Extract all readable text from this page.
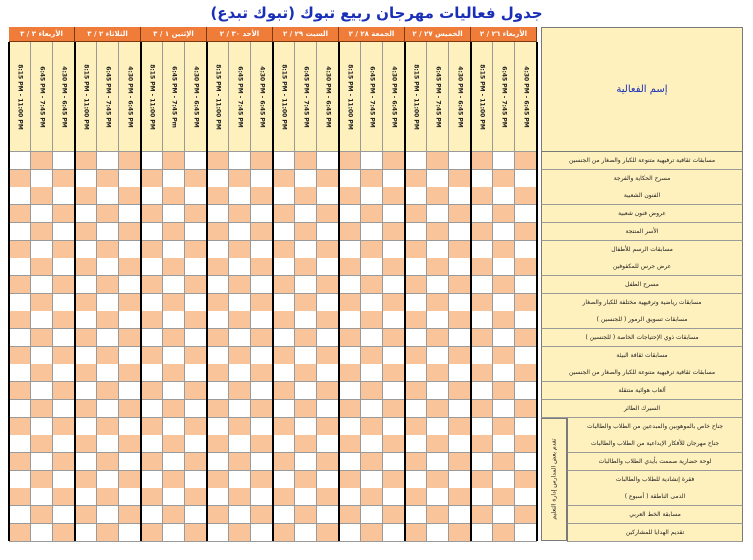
جدول فعاليات مهرجان ربيع تبوك (تبوك تبدع)
الأربعاء ٣ / ٣
8:15 PM - 11:00 PM	6:45 PM - 7:45 PM	4:30 PM - 6:45 PM
الثلاثاء ٢ / ٣
8:15 PM - 11:00 PM	6:45 PM - 7:45 PM	4:30 PM - 6:45 PM
الإثنين ١ / ٣
8:15 PM - 11:00 PM	6:45 PM - 7:45 Pm	4:30 PM - 6:45 PM
الأحد ٣٠ / ٢
8:15 PM - 11:00 PM	6:45 PM - 7:45 PM	4:30 PM - 6:45 PM
السبت ٢٩ / ٢
8:15 PM - 11:00 PM	6:45 PM - 7:45 PM	4:30 PM - 6:45 PM
الجمعة ٢٨ / ٢
8:15 PM - 11:00 PM	6:45 PM - 7:45 PM	4:30 PM - 6:45 PM
الخميس ٢٧ / ٢
8:15 PM - 11:00 PM	6:45 PM - 7:45 PM	4:30 PM - 6:45 PM
الأربعاء ٢٦ / ٢
8:15 PM - 11:00 PM	6:45 PM - 7:45 PM	4:30 PM - 6:45 PM	إسم الفعالية
تقدم بعض المدارس إدارة التعليم
مسابقات ثقافية ترفيهية متنوعة للكبار والصغار من الجنسين
مسرح الحكاية والفرجة
الفنون الشعبية
عروض فنون شعبية
الأسر المنتجة
مسابقات الرسم للأطفال
عرض جرس للمكفوفين
مسرح الطفل
مسابقات رياضية وترفيهية مختلفة للكبار والصغار
مسابقات تسويق الرمور ( للجنسين )
مسابقات ذوي الإحتياجات الخاصة ( للجنسين )
مسابقات ثقافة البيئة
مسابقات ثقافية ترفيهية متنوعة للكبار والصغار من الجنسين
ألعاب هوائية متنقلة
السيرك الطائر
جناح خاص بالموهوبين والمبدعين من الطلاب والطالبات
جناح مهرجان للأفكار الإبداعية من الطلاب والطالبات
لوحة حضارية صممت بأيدي الطلاب والطالبات
فقرة إنشادية للطلاب والطالبات
الدمى الناطقة ( أسبوع )
مسابقة الخط العربي
تقديم الهدايا للمشاركين
